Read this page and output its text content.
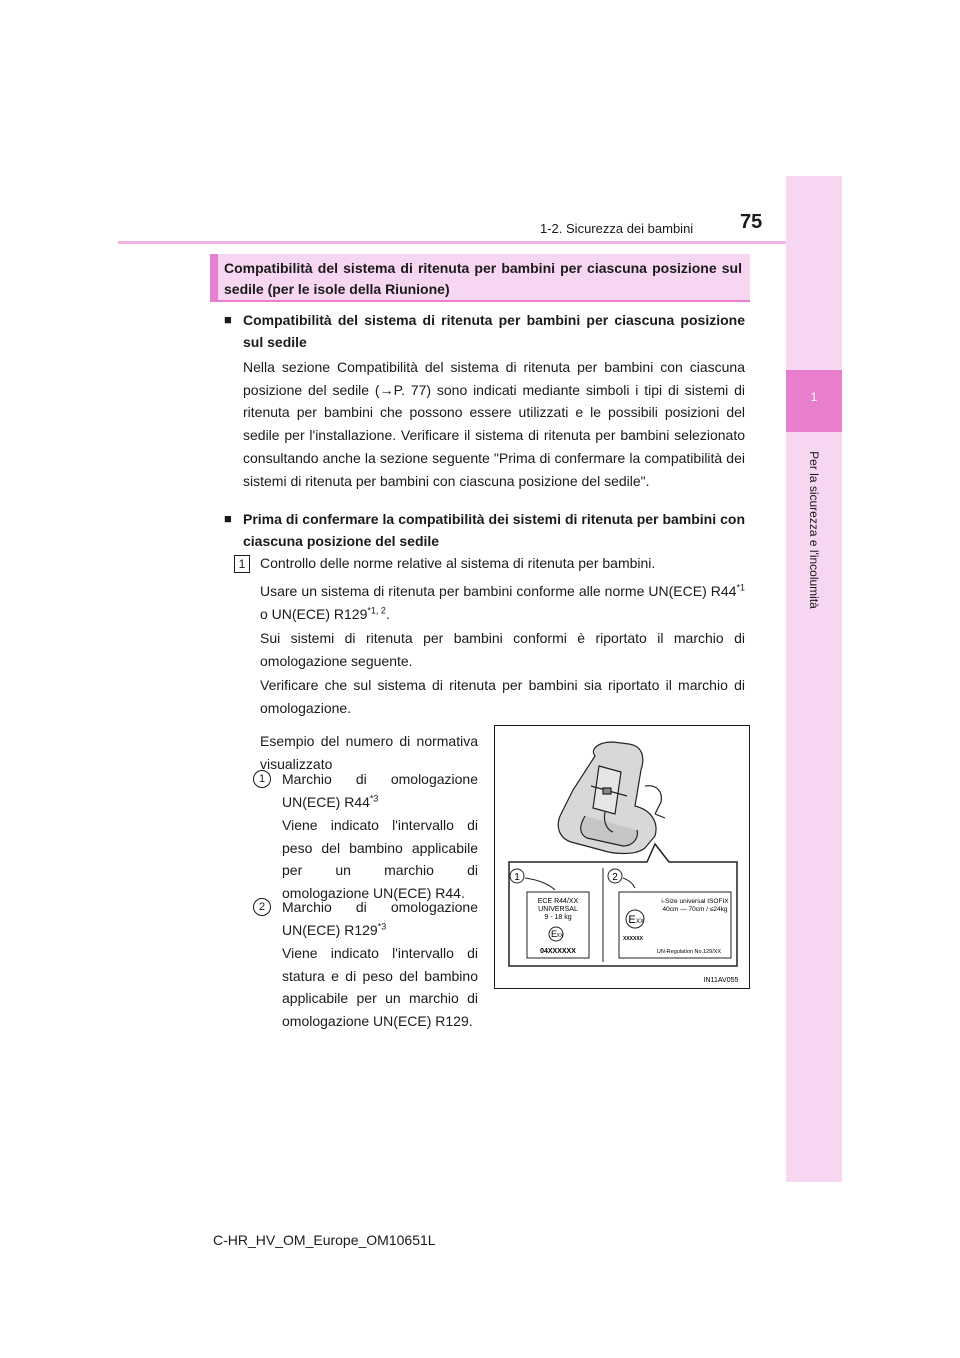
1-2. Sicurezza dei bambini 75
1
Per la sicurezza e l'incolumità
Compatibilità del sistema di ritenuta per bambini per ciascuna posizione sul sedile (per le isole della Riunione)
■ Compatibilità del sistema di ritenuta per bambini per ciascuna posizione sul sedile
Nella sezione Compatibilità del sistema di ritenuta per bambini con ciascuna posizione del sedile (→P. 77) sono indicati mediante simboli i tipi di sistemi di ritenuta per bambini che possono essere utilizzati e le possibili posizioni del sedile per l'installazione. Verificare il sistema di ritenuta per bambini selezionato consultando anche la sezione seguente "Prima di confermare la compatibilità dei sistemi di ritenuta per bambini con ciascuna posizione del sedile".
■ Prima di confermare la compatibilità dei sistemi di ritenuta per bambini con ciascuna posizione del sedile
1	Controllo delle norme relative al sistema di ritenuta per bambini.
Usare un sistema di ritenuta per bambini conforme alle norme UN(ECE) R44$^{*1}$ o UN(ECE) R129$^{*1, 2}$.
Sui sistemi di ritenuta per bambini conformi è riportato il marchio di omologazione seguente.
Verificare che sul sistema di ritenuta per bambini sia riportato il marchio di omologazione.
Esempio del numero di normativa visualizzato
1	Marchio di omologazione UN(ECE) R44$^{*3}$
Viene indicato l'intervallo di peso del bambino applicabile per un marchio di omologazione UN(ECE) R44.
2	Marchio di omologazione UN(ECE) R129$^{*3}$
Viene indicato l'intervallo di statura e di peso del bambino applicabile per un marchio di omologazione UN(ECE) R129.
1	2
ECE R44/XX
UNIVERSAL
9 - 18 kg
E XX
04XXXXXX
i-Size universal ISOFIX
40cm — 70cm / ≤24kg
E XX
XXXXXX
UN-Regulation No.129/XX
IN11AV055
C-HR_HV_OM_Europe_OM10651L
